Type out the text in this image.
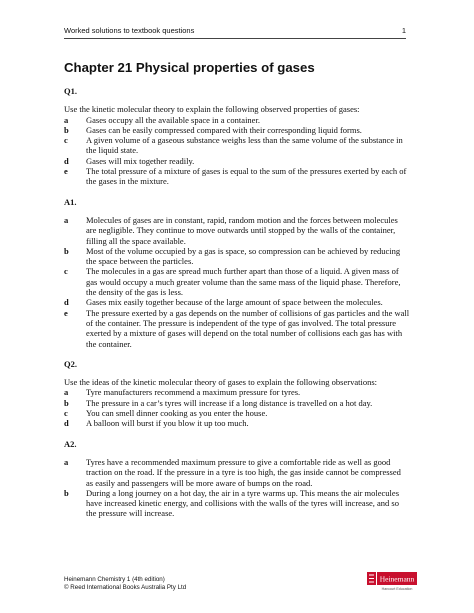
Worked solutions to textbook questions	1
Chapter 21 Physical properties of gases
Q1.
Use the kinetic molecular theory to explain the following observed properties of gases:
a	Gases occupy all the available space in a container.
b	Gases can be easily compressed compared with their corresponding liquid forms.
c	A given volume of a gaseous substance weighs less than the same volume of the substance in the liquid state.
d	Gases will mix together readily.
e	The total pressure of a mixture of gases is equal to the sum of the pressures exerted by each of the gases in the mixture.
A1.
a	Molecules of gases are in constant, rapid, random motion and the forces between molecules are negligible. They continue to move outwards until stopped by the walls of the container, filling all the space available.
b	Most of the volume occupied by a gas is space, so compression can be achieved by reducing the space between the particles.
c	The molecules in a gas are spread much further apart than those of a liquid. A given mass of gas would occupy a much greater volume than the same mass of the liquid phase. Therefore, the density of the gas is less.
d	Gases mix easily together because of the large amount of space between the molecules.
e	The pressure exerted by a gas depends on the number of collisions of gas particles and the wall of the container. The pressure is independent of the type of gas involved. The total pressure exerted by a mixture of gases will depend on the total number of collisions each gas has with the container.
Q2.
Use the ideas of the kinetic molecular theory of gases to explain the following observations:
a	Tyre manufacturers recommend a maximum pressure for tyres.
b	The pressure in a car’s tyres will increase if a long distance is travelled on a hot day.
c	You can smell dinner cooking as you enter the house.
d	A balloon will burst if you blow it up too much.
A2.
a	Tyres have a recommended maximum pressure to give a comfortable ride as well as good traction on the road. If the pressure in a tyre is too high, the gas inside cannot be compressed as easily and passengers will be more aware of bumps on the road.
b	During a long journey on a hot day, the air in a tyre warms up. This means the air molecules have increased kinetic energy, and collisions with the walls of the tyres will increase, and so the pressure will increase.
Heinemann Chemistry 1 (4th edition)
© Reed International Books Australia Pty Ltd
Heinemann
Harcourt Education
